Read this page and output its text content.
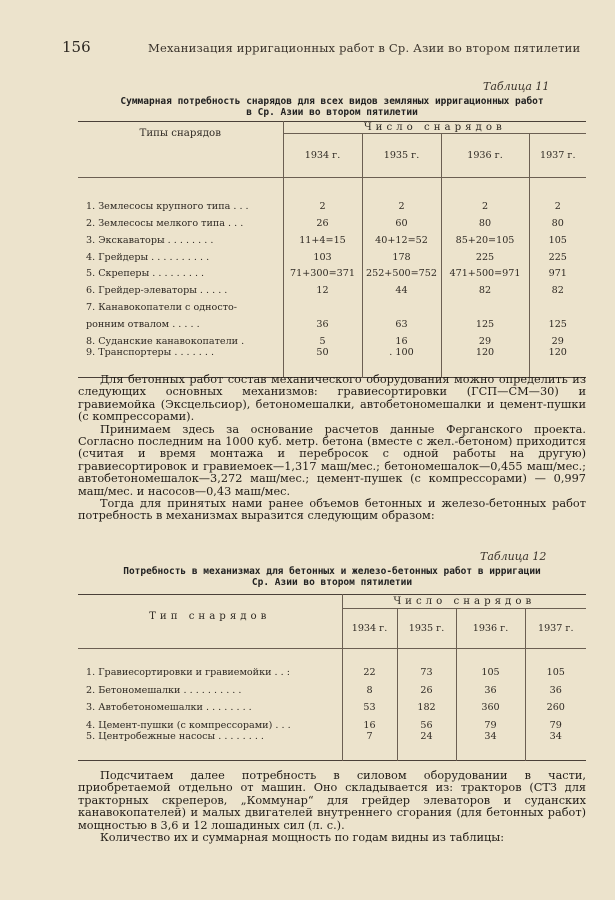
156	Механизация ирригационных работ в Ср. Азии во втором пятилетии
Таблица 11
Суммарная потребность снарядов для всех видов земляных ирригационных работ
в Ср. Азии во втором пятилетии
Типы снарядов	Число снарядов			
	1934 г.	1935 г.	1936 г.	1937 г.
1. Землесосы крупного типа . . .	2	2	2	2
2. Землесосы мелкого типа . . .	26	60	80	80
3. Экскаваторы . . . . . . . .	11+4=15	40+12=52	85+20=105	105
4. Грейдеры . . . . . . . . . .	103	178	225	225
5. Скреперы . . . . . . . . .	71+300=371	252+500=752	471+500=971	971
6. Грейдер-элеваторы . . . . .	12	44	82	82
7. Канавокопатели с односто-				
ронним отвалом . . . . .	36	63	125	125
8. Суданские канавокопатели .	5	16	29	29
9. Транспортеры . . . . . . .	50	. 100	120	120
Для бетонных работ состав механического оборудования можно определить из следующих основных механизмов: гравиесортировки (ГСП—СМ—30) и гравиемойка (Эксцельсиор), бетономешалки, автобетономешалки и цемент-пушки (с компрессорами).
Принимаем здесь за основание расчетов данные Ферганского проекта. Согласно последним на 1000 куб. метр. бетона (вместе с жел.-бетоном) приходится (считая и время монтажа и перебросок с одной работы на другую) гравиесортировок и гравиемоек—1,317 маш/мес.; бетономешалок—0,455 маш/мес.; автобетономешалок—3,272 маш/мес.; цемент-пушек (с компрессорами) — 0,997 маш/мес. и насосов—0,43 маш/мес.
Тогда для принятых нами ранее объемов бетонных и железо-бетонных работ потребность в механизмах выразится следующим образом:
Таблица 12
Потребность в механизмах для бетонных и железо-бетонных работ в ирригации
Ср. Азии во втором пятилетии
Тип снарядов	Число снарядов			
	1934 г.	1935 г.	1936 г.	1937 г.
1. Гравиесортировки и гравиемойки . . :	22	73	105	105
2. Бетономешалки . . . . . . . . . .	8	26	36	36
3. Автобетономешалки . . . . . . . .	53	182	360	260
4. Цемент-пушки (с компрессорами) . . .	16	56	79	79
5. Центробежные насосы . . . . . . . .	7	24	34	34
Подсчитаем далее потребность в силовом оборудовании в части, приобретаемой отдельно от машин. Оно складывается из: тракторов (СТЗ для тракторных скреперов, „Коммунар“ для грейдер элеваторов и суданских канавокопателей) и малых двигателей внутреннего сгорания (для бетонных работ) мощностью в 3,6 и 12 лошадиных сил (л. с.).
Количество их и суммарная мощность по годам видны из таблицы:
